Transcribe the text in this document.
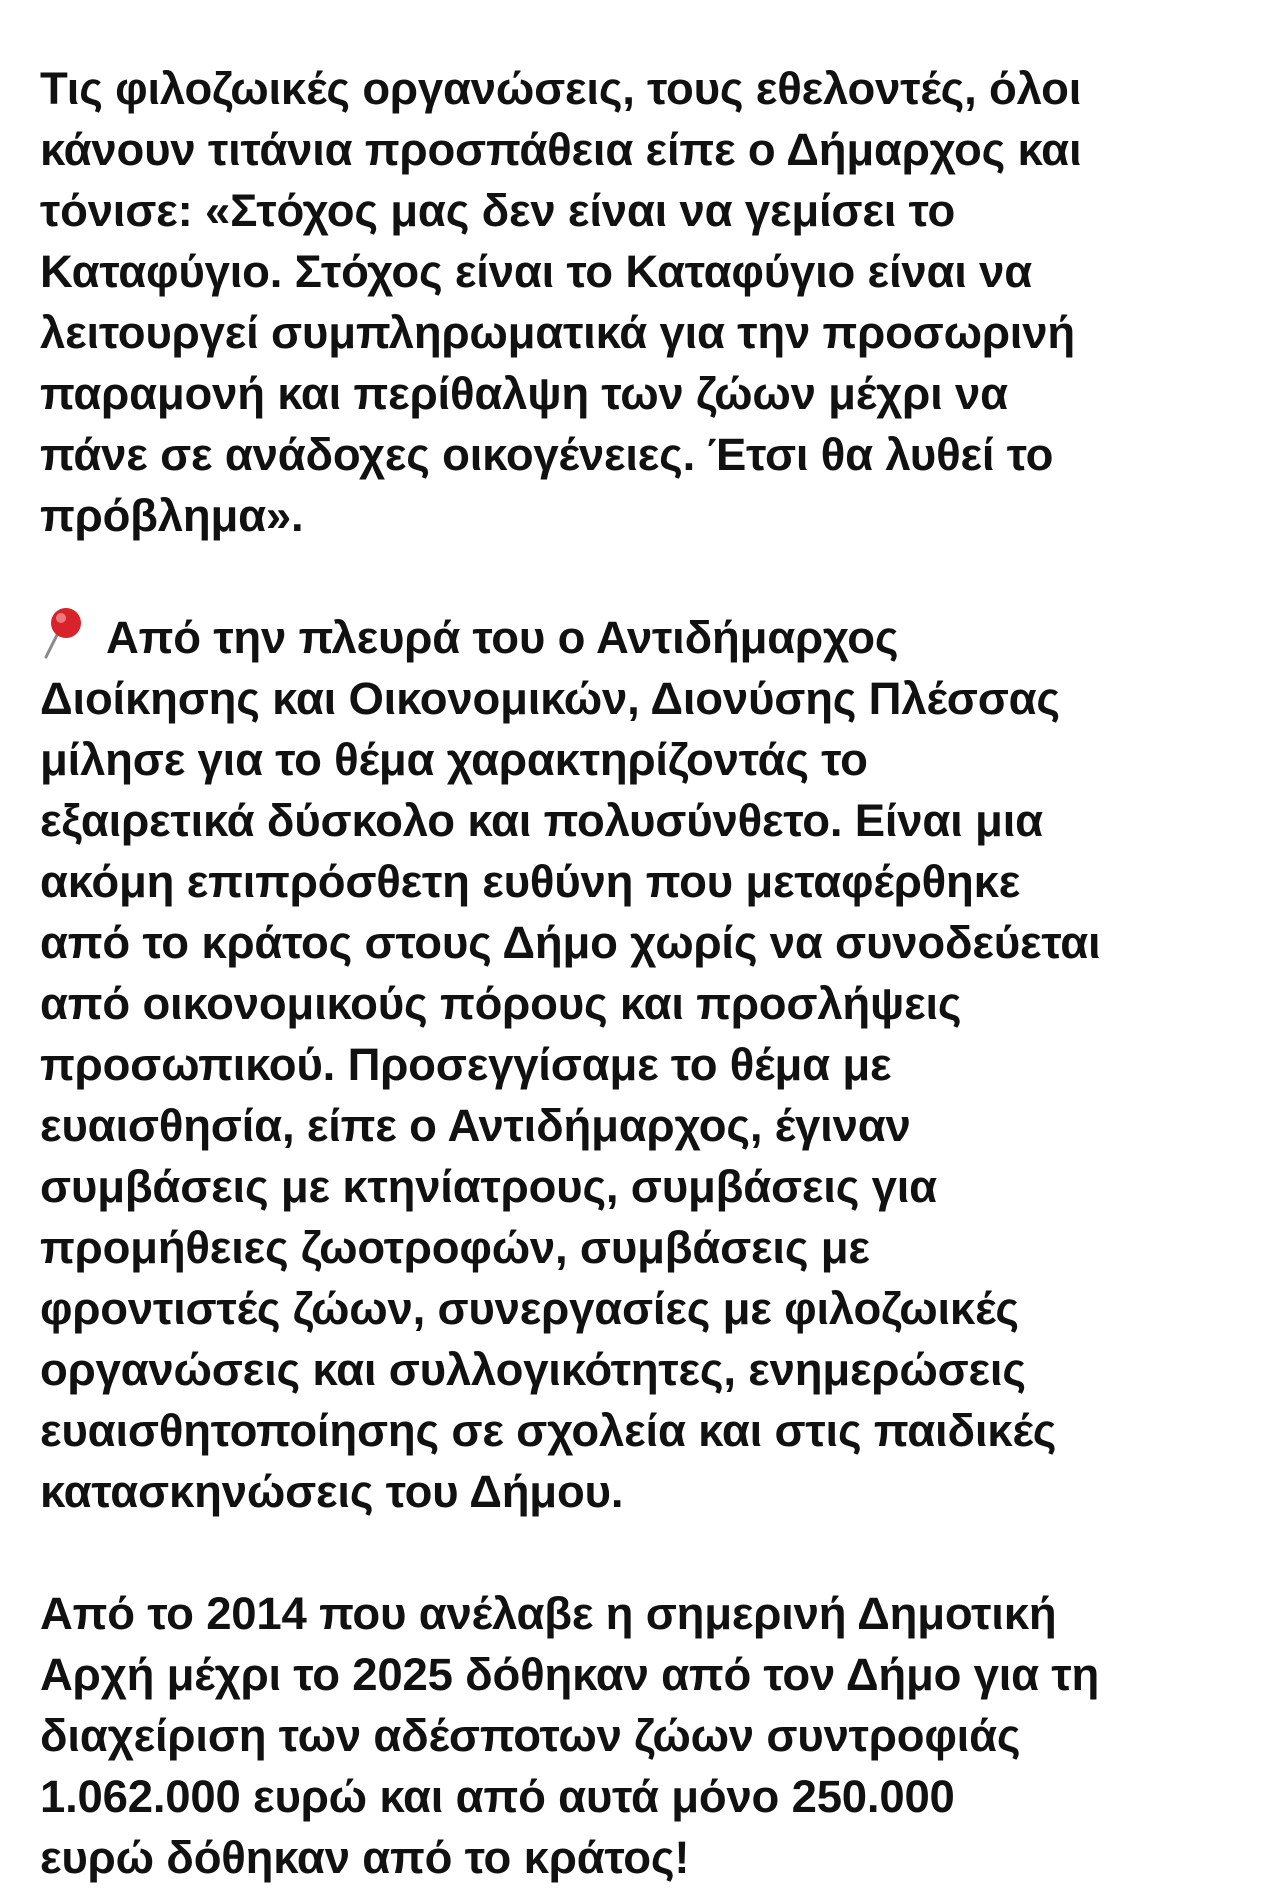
Τις φιλοζωικές οργανώσεις, τους εθελοντές, όλοι
κάνουν τιτάνια προσπάθεια είπε ο Δήμαρχος και
τόνισε: «Στόχος μας δεν είναι να γεμίσει το
Καταφύγιο. Στόχος είναι το Καταφύγιο είναι να
λειτουργεί συμπληρωματικά για την προσωρινή
παραμονή και περίθαλψη των ζώων μέχρι να
πάνε σε ανάδοχες οικογένειες. Έτσι θα λυθεί το
πρόβλημα».
Από την πλευρά του ο Αντιδήμαρχος
Διοίκησης και Οικονομικών, Διονύσης Πλέσσας
μίλησε για το θέμα χαρακτηρίζοντάς το
εξαιρετικά δύσκολο και πολυσύνθετο. Είναι μια
ακόμη επιπρόσθετη ευθύνη που μεταφέρθηκε
από το κράτος στους Δήμο χωρίς να συνοδεύεται
από οικονομικούς πόρους και προσλήψεις
προσωπικού. Προσεγγίσαμε το θέμα με
ευαισθησία, είπε ο Αντιδήμαρχος, έγιναν
συμβάσεις με κτηνίατρους, συμβάσεις για
προμήθειες ζωοτροφών, συμβάσεις με
φροντιστές ζώων, συνεργασίες με φιλοζωικές
οργανώσεις και συλλογικότητες, ενημερώσεις
ευαισθητοποίησης σε σχολεία και στις παιδικές
κατασκηνώσεις του Δήμου.
Από το 2014 που ανέλαβε η σημερινή Δημοτική
Αρχή μέχρι το 2025 δόθηκαν από τον Δήμο για τη
διαχείριση των αδέσποτων ζώων συντροφιάς
1.062.000 ευρώ και από αυτά μόνο 250.000
ευρώ δόθηκαν από το κράτος!
